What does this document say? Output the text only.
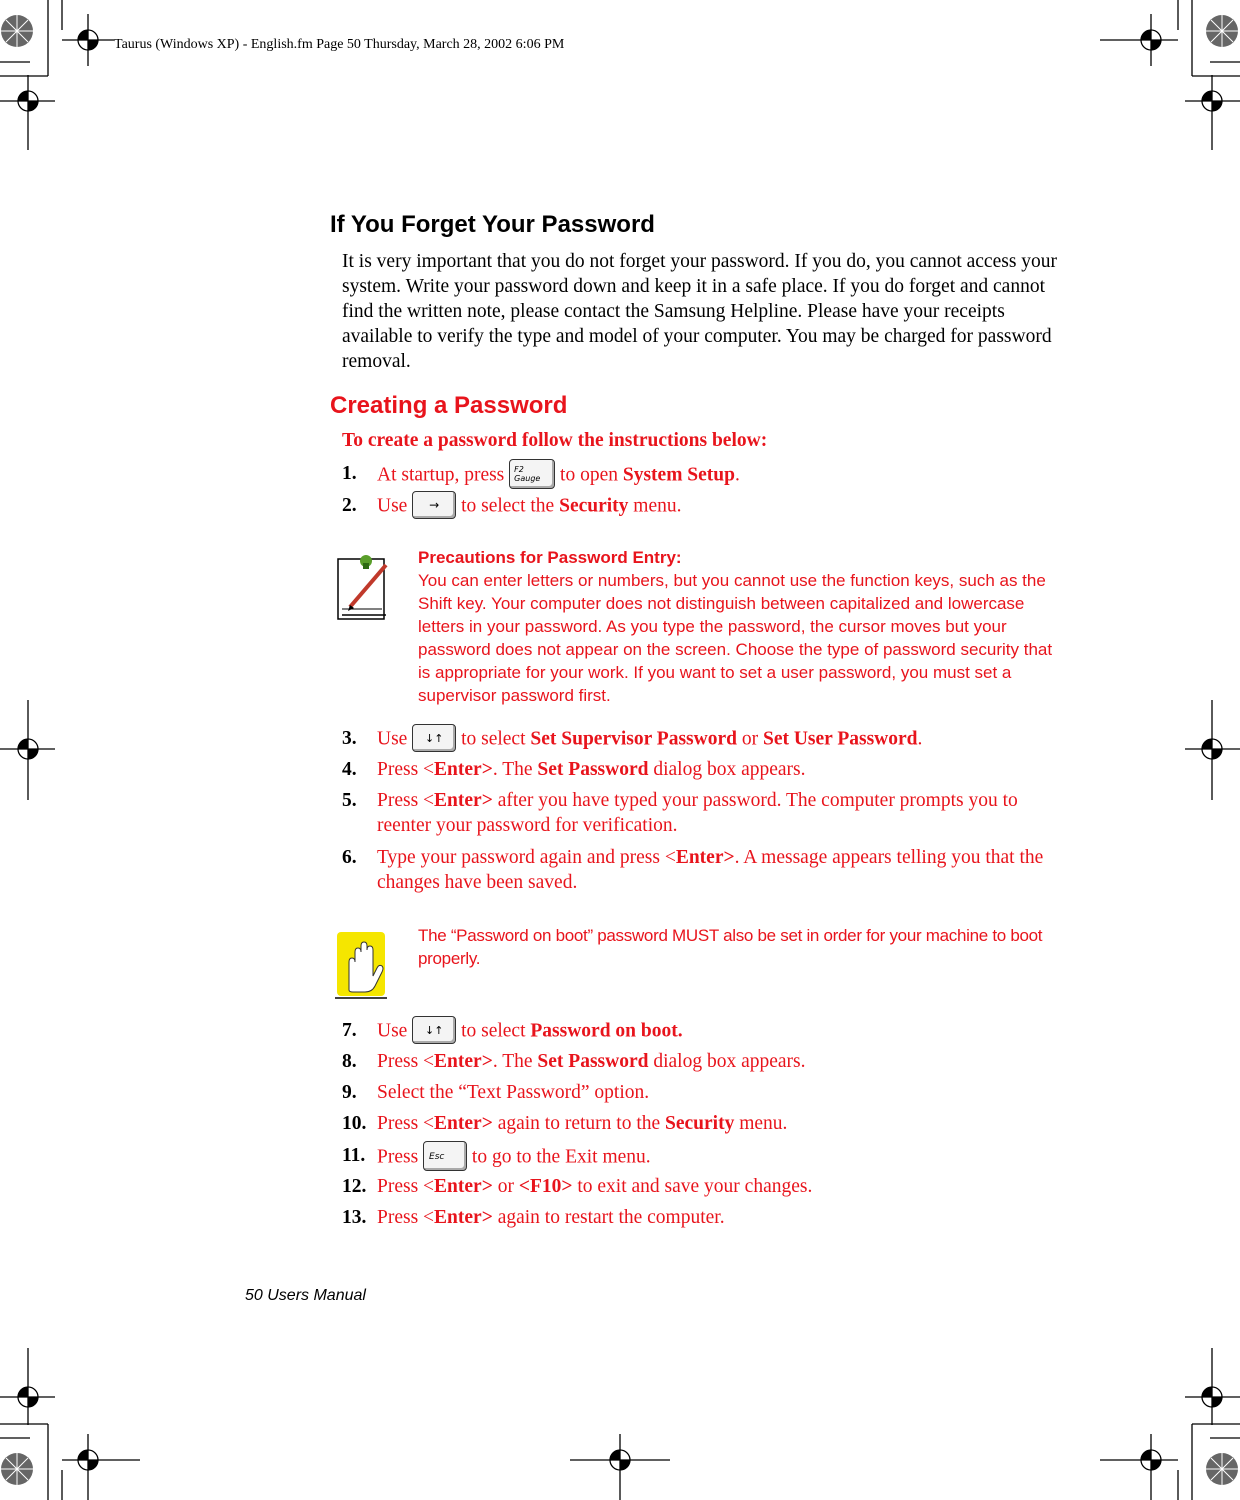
Taurus (Windows XP) - English.fm Page 50 Thursday, March 28, 2002 6:06 PM
If You Forget Your Password

It is very important that you do not forget your password. If you do, you cannot access your system. Write your password down and keep it in a safe place. If you do forget and cannot find the written note, please contact the Samsung Helpline. Please have your receipts available to verify the type and model of your computer. You may be charged for password removal.

Creating a Password

To create a password follow the instructions below:

1. At startup, press F2
Gauge to open System Setup.
2. Use	→	to select the Security menu.
Precautions for Password Entry:
You can enter letters or numbers, but you cannot use the function keys, such as the Shift key. Your computer does not distinguish between capitalized and lowercase letters in your password. As you type the password, the cursor moves but your password does not appear on the screen. Choose the type of password security that is appropriate for your work. If you want to set a user password, you must set a supervisor password first.
3. Use	↓↑ to select Set Supervisor Password or Set User Password.
4. Press <Enter>. The Set Password dialog box appears.
5. Press <Enter> after you have typed your password. The computer prompts you to reenter your password for verification.
6. Type your password again and press <Enter>. A message appears telling you that the changes have been saved.
The “Password on boot” password MUST also be set in order for your machine to boot properly.
7. Use	↓↑ to select Password on boot.
8. Press <Enter>. The Set Password dialog box appears.
9. Select the “Text Password” option.
10. Press <Enter> again to return to the Security menu.
11. Press Esc	to go to the Exit menu.
12. Press <Enter> or <F10> to exit and save your changes.
13. Press <Enter> again to restart the computer.
50 Users Manual
